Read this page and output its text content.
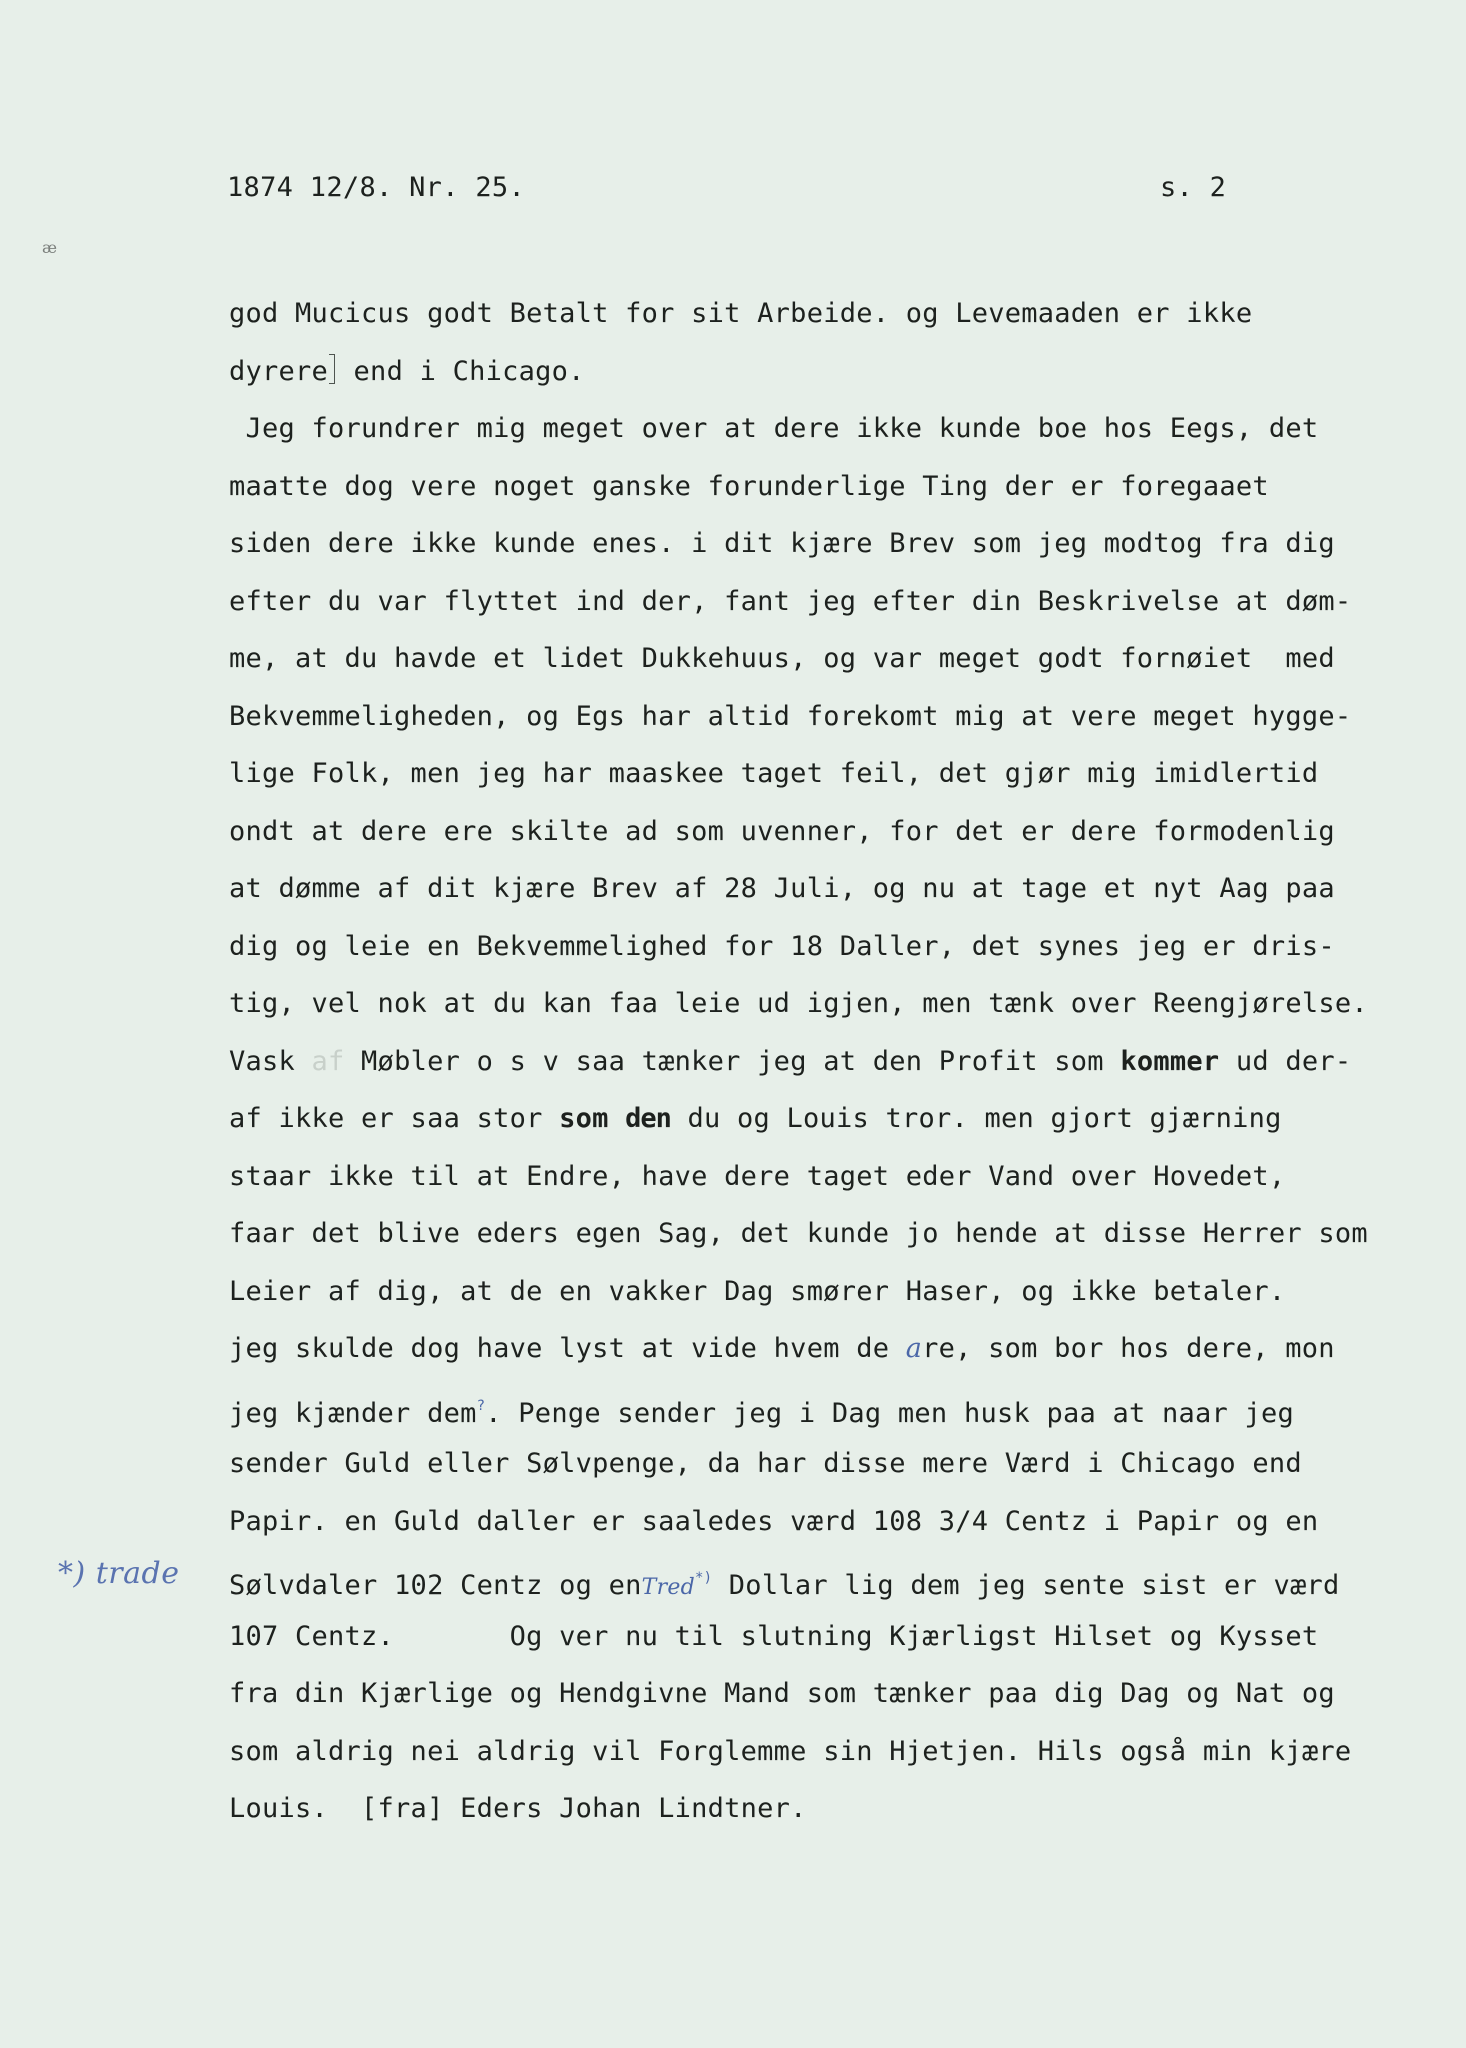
1874 12/8. Nr. 25.	s. 2
æ
*) trade
god Mucicus godt Betalt for sit Arbeide. og Levemaaden er ikke
dyrere end i Chicago.
Jeg forundrer mig meget over at dere ikke kunde boe hos Eegs, det
maatte dog vere noget ganske forunderlige Ting der er foregaaet
siden dere ikke kunde enes. i dit kjære Brev som jeg modtog fra dig
efter du var flyttet ind der, fant jeg efter din Beskrivelse at døm-
me, at du havde et lidet Dukkehuus, og var meget godt fornøiet  med
Bekvemmeligheden, og Egs har altid forekomt mig at vere meget hygge-
lige Folk, men jeg har maaskee taget feil, det gjør mig imidlertid
ondt at dere ere skilte ad som uvenner, for det er dere formodenlig
at dømme af dit kjære Brev af 28 Juli, og nu at tage et nyt Aag paa
dig og leie en Bekvemmelighed for 18 Daller, det synes jeg er dris-
tig, vel nok at du kan faa leie ud igjen, men tænk over Reengjørelse.
Vask af Møbler o s v saa tænker jeg at den Profit som kommer ud der-
af ikke er saa stor som den du og Louis tror. men gjort gjærning
staar ikke til at Endre, have dere taget eder Vand over Hovedet,
faar det blive eders egen Sag, det kunde jo hende at disse Herrer som
Leier af dig, at de en vakker Dag smører Haser, og ikke betaler.
jeg skulde dog have lyst at vide hvem de are, som bor hos dere, mon
jeg kjænder dem?. Penge sender jeg i Dag men husk paa at naar jeg
sender Guld eller Sølvpenge, da har disse mere Værd i Chicago end
Papir. en Guld daller er saaledes værd 108 3/4 Centz i Papir og en
Sølvdaler 102 Centz og enTred*) Dollar lig dem jeg sente sist er værd
107 Centz.       Og ver nu til slutning Kjærligst Hilset og Kysset
fra din Kjærlige og Hendgivne Mand som tænker paa dig Dag og Nat og
som aldrig nei aldrig vil Forglemme sin Hjetjen. Hils også min kjære
Louis.  [fra] Eders Johan Lindtner.
